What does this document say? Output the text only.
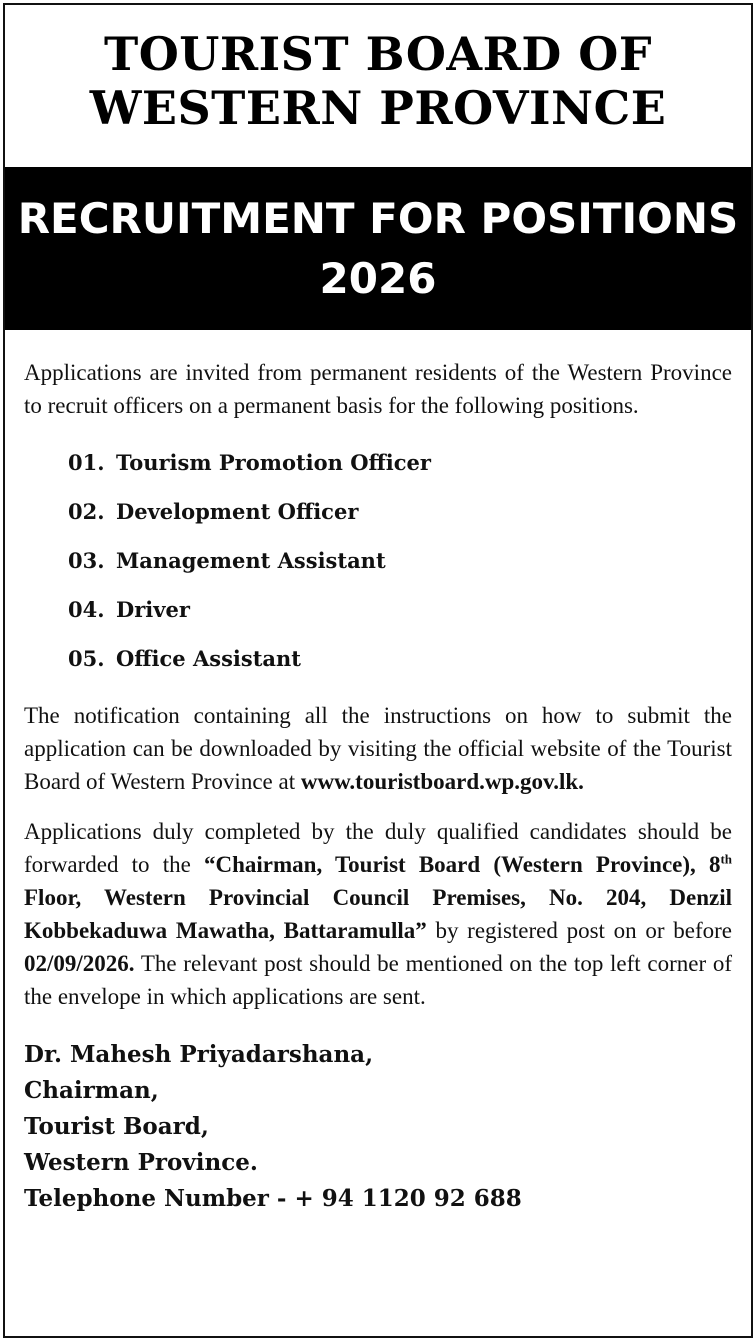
TOURIST BOARD OF
WESTERN PROVINCE
RECRUITMENT FOR POSITIONS
2026

Applications are invited from permanent residents of the Western Province to recruit officers on a permanent basis for the following positions.

01. Tourism Promotion Officer
02. Development Officer
03. Management Assistant
04. Driver
05. Office Assistant

The notification containing all the instructions on how to submit the application can be downloaded by visiting the official website of the Tourist Board of Western Province at www.touristboard.wp.gov.lk.

Applications duly completed by the duly qualified candidates should be forwarded to the “Chairman, Tourist Board (Western Province), 8th Floor, Western Provincial Council Premises, No. 204, Denzil Kobbekaduwa Mawatha, Battaramulla” by registered post on or before 02/09/2026. The relevant post should be mentioned on the top left corner of the envelope in which applications are sent.

Dr. Mahesh Priyadarshana,
Chairman,
Tourist Board,
Western Province.
Telephone Number - + 94 1120 92 688
